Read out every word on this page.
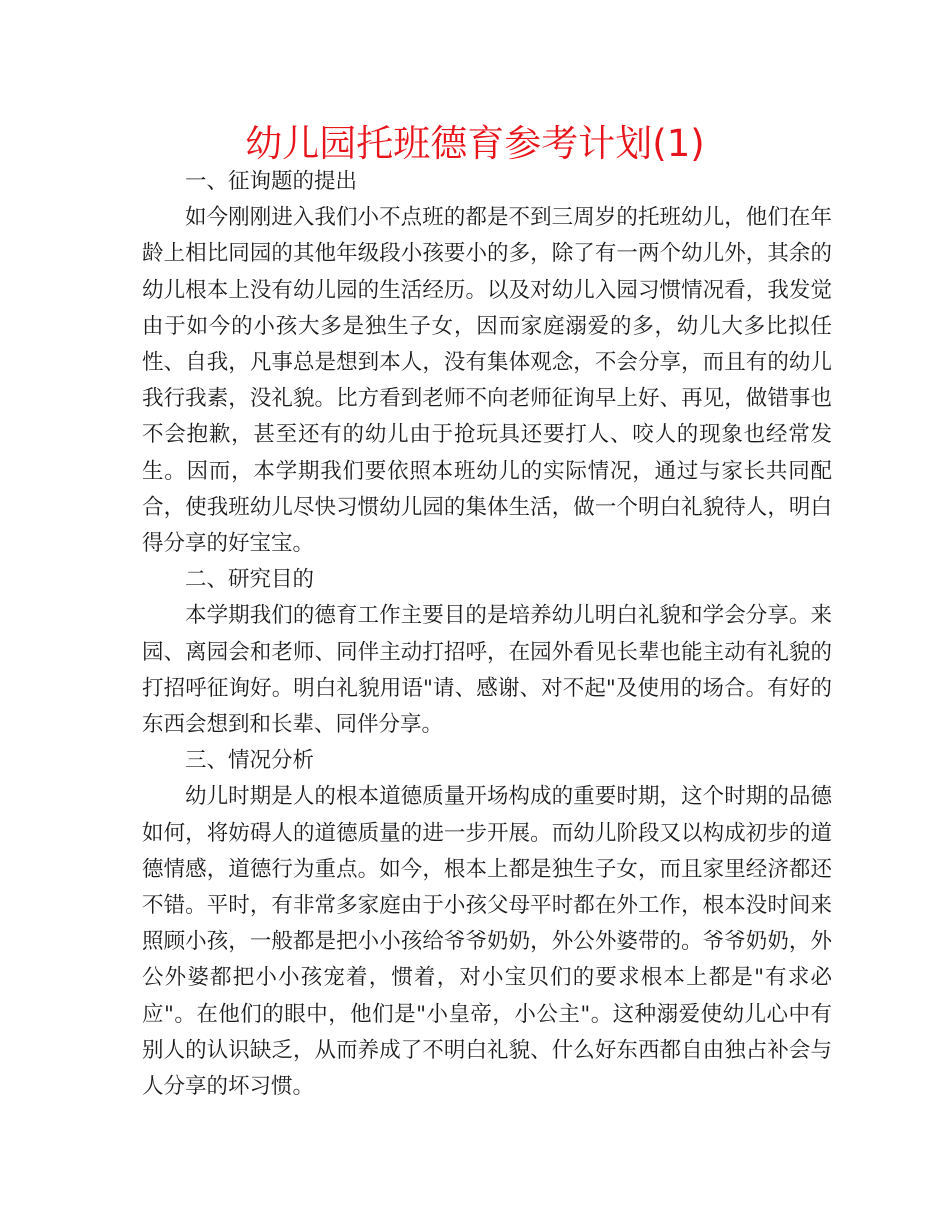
幼儿园托班德育参考计划(1)

一、征询题的提出

如今刚刚进入我们小不点班的都是不到三周岁的托班幼儿，他们在年龄上相比同园的其他年级段小孩要小的多，除了有一两个幼儿外，其余的幼儿根本上没有幼儿园的生活经历。以及对幼儿入园习惯情况看，我发觉由于如今的小孩大多是独生子女，因而家庭溺爱的多，幼儿大多比拟任性、自我，凡事总是想到本人，没有集体观念，不会分享，而且有的幼儿我行我素，没礼貌。比方看到老师不向老师征询早上好、再见，做错事也不会抱歉，甚至还有的幼儿由于抢玩具还要打人、咬人的现象也经常发生。因而，本学期我们要依照本班幼儿的实际情况，通过与家长共同配合，使我班幼儿尽快习惯幼儿园的集体生活，做一个明白礼貌待人，明白得分享的好宝宝。

二、研究目的

本学期我们的德育工作主要目的是培养幼儿明白礼貌和学会分享。来园、离园会和老师、同伴主动打招呼，在园外看见长辈也能主动有礼貌的打招呼征询好。明白礼貌用语"请、感谢、对不起"及使用的场合。有好的东西会想到和长辈、同伴分享。

三、情况分析

幼儿时期是人的根本道德质量开场构成的重要时期，这个时期的品德如何，将妨碍人的道德质量的进一步开展。而幼儿阶段又以构成初步的道德情感，道德行为重点。如今，根本上都是独生子女，而且家里经济都还不错。平时，有非常多家庭由于小孩父母平时都在外工作，根本没时间来照顾小孩，一般都是把小小孩给爷爷奶奶，外公外婆带的。爷爷奶奶，外公外婆都把小小孩宠着，惯着，对小宝贝们的要求根本上都是"有求必应"。在他们的眼中，他们是"小皇帝，小公主"。这种溺爱使幼儿心中有别人的认识缺乏，从而养成了不明白礼貌、什么好东西都自由独占补会与人分享的坏习惯。
